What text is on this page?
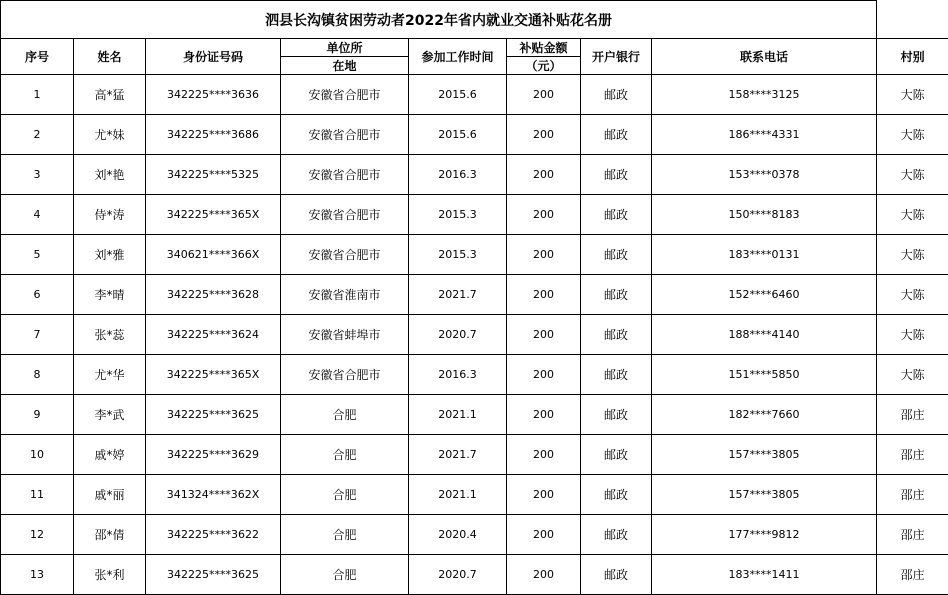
泗县长沟镇贫困劳动者2022年省内就业交通补贴花名册								
序号	姓名	身份证号码	单位所	参加工作时间	补贴金额	开户银行	联系电话	村别
			在地		（元）			
1	高*猛	342225****3636	安徽省合肥市	2015.6	200	邮政	158****3125	大陈
2	尤*妹	342225****3686	安徽省合肥市	2015.6	200	邮政	186****4331	大陈
3	刘*艳	342225****5325	安徽省合肥市	2016.3	200	邮政	153****0378	大陈
4	侍*涛	342225****365X	安徽省合肥市	2015.3	200	邮政	150****8183	大陈
5	刘*雅	340621****366X	安徽省合肥市	2015.3	200	邮政	183****0131	大陈
6	李*晴	342225****3628	安徽省淮南市	2021.7	200	邮政	152****6460	大陈
7	张*蕊	342225****3624	安徽省蚌埠市	2020.7	200	邮政	188****4140	大陈
8	尤*华	342225****365X	安徽省合肥市	2016.3	200	邮政	151****5850	大陈
9	李*武	342225****3625	合肥	2021.1	200	邮政	182****7660	邵庄
10	戚*婷	342225****3629	合肥	2021.7	200	邮政	157****3805	邵庄
11	戚*丽	341324****362X	合肥	2021.1	200	邮政	157****3805	邵庄
12	邵*倩	342225****3622	合肥	2020.4	200	邮政	177****9812	邵庄
13	张*利	342225****3625	合肥	2020.7	200	邮政	183****1411	邵庄
